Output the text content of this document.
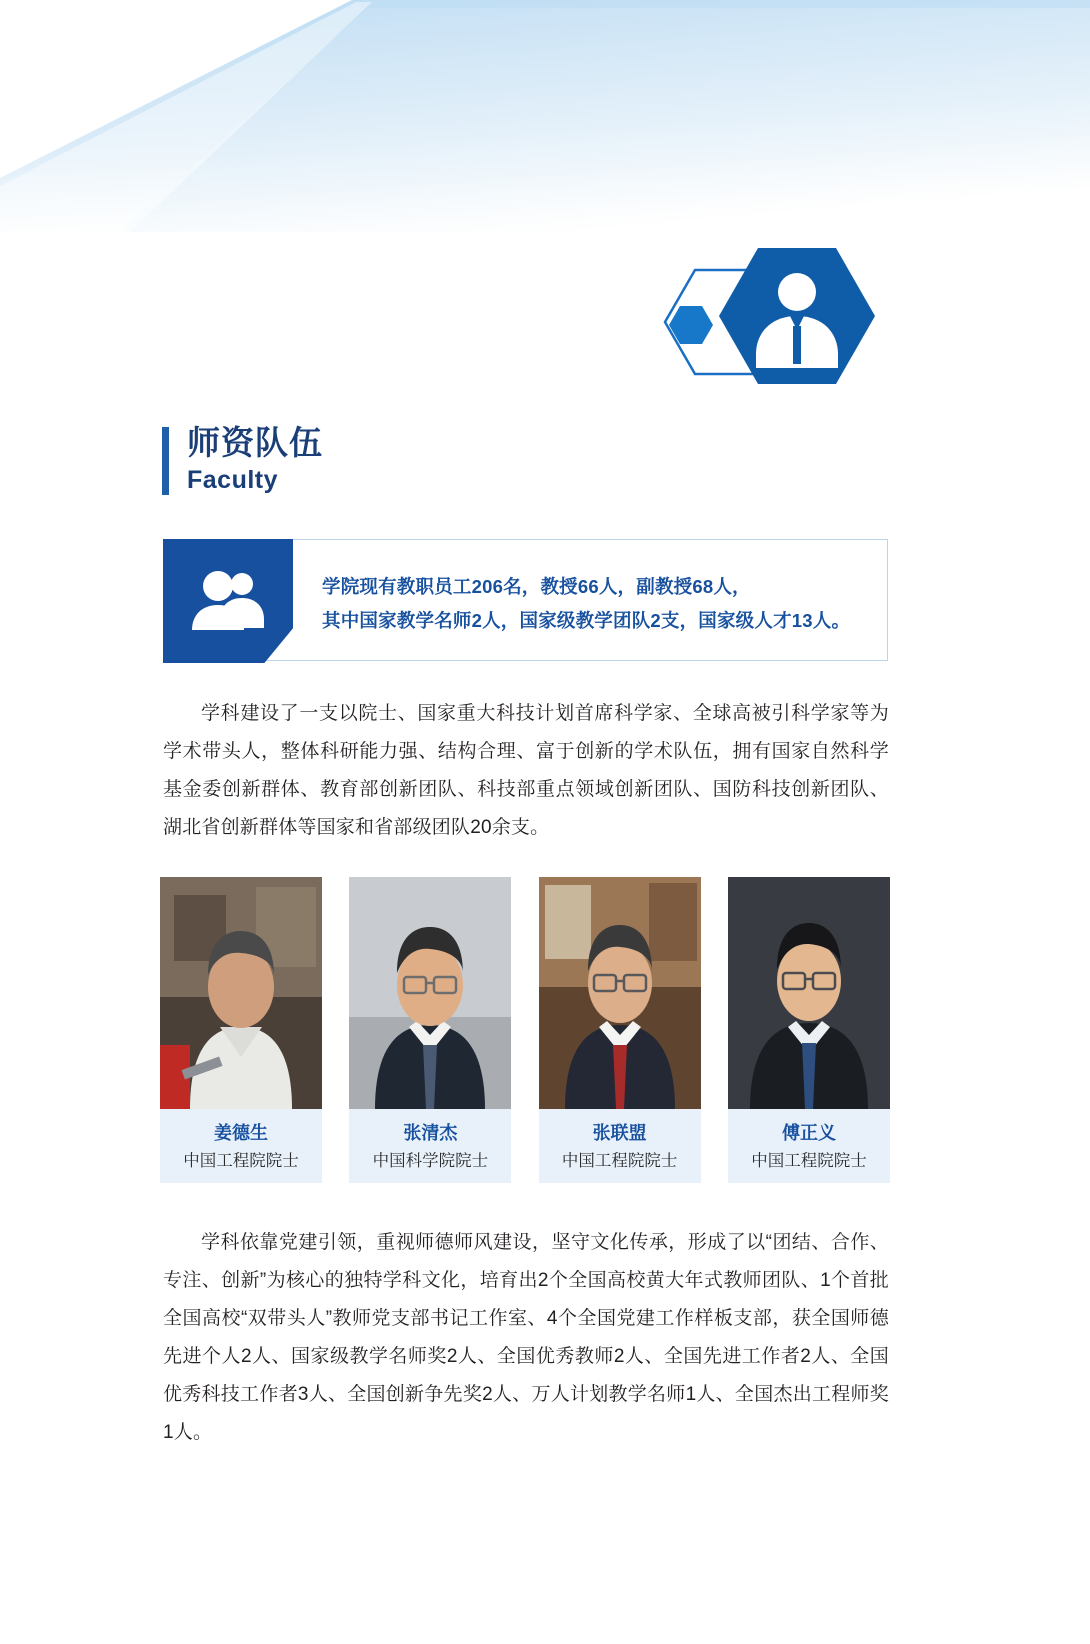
师资队伍
Faculty
学院现有教职员工206名，教授66人，副教授68人，
其中国家教学名师2人，国家级教学团队2支，国家级人才13人。
学科建设了一支以院士、国家重大科技计划首席科学家、全球高被引科学家等为学术带头人，整体科研能力强、结构合理、富于创新的学术队伍，拥有国家自然科学基金委创新群体、教育部创新团队、科技部重点领域创新团队、国防科技创新团队、湖北省创新群体等国家和省部级团队20余支。
姜德生
中国工程院院士
张清杰
中国科学院院士
张联盟
中国工程院院士
傅正义
中国工程院院士
学科依靠党建引领，重视师德师风建设，坚守文化传承，形成了以“团结、合作、专注、创新”为核心的独特学科文化，培育出2个全国高校黄大年式教师团队、1个首批全国高校“双带头人”教师党支部书记工作室、4个全国党建工作样板支部，获全国师德先进个人2人、国家级教学名师奖2人、全国优秀教师2人、全国先进工作者2人、全国优秀科技工作者3人、全国创新争先奖2人、万人计划教学名师1人、全国杰出工程师奖1人。
